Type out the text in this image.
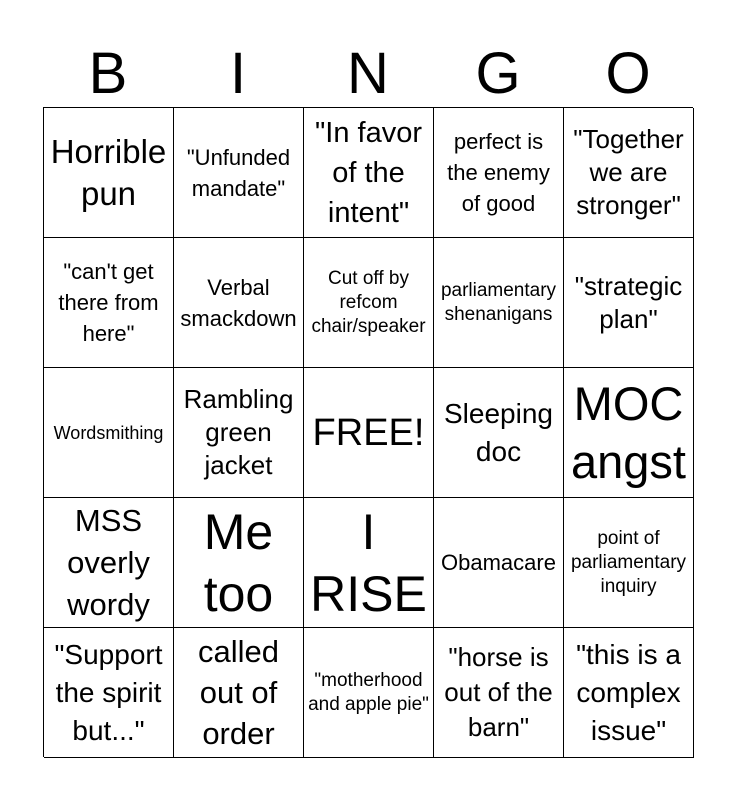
B	I	N	G	O
Horrible pun
"Unfunded mandate"
"In favor of the intent"
perfect is the enemy of good
"Together we are stronger"
"can't get there from here"
Verbal smackdown
Cut off by refcom chair/speaker
parliamentary shenanigans
"strategic plan"
Wordsmithing
Rambling green jacket
FREE! Sleeping doc
MOC angst
MSS overly wordy
Me too
I RISE
Obamacare
point of parliamentary inquiry
"Support the spirit but..."
called out of order
"motherhood and apple pie"
"horse is out of the barn"
"this is a complex issue"
